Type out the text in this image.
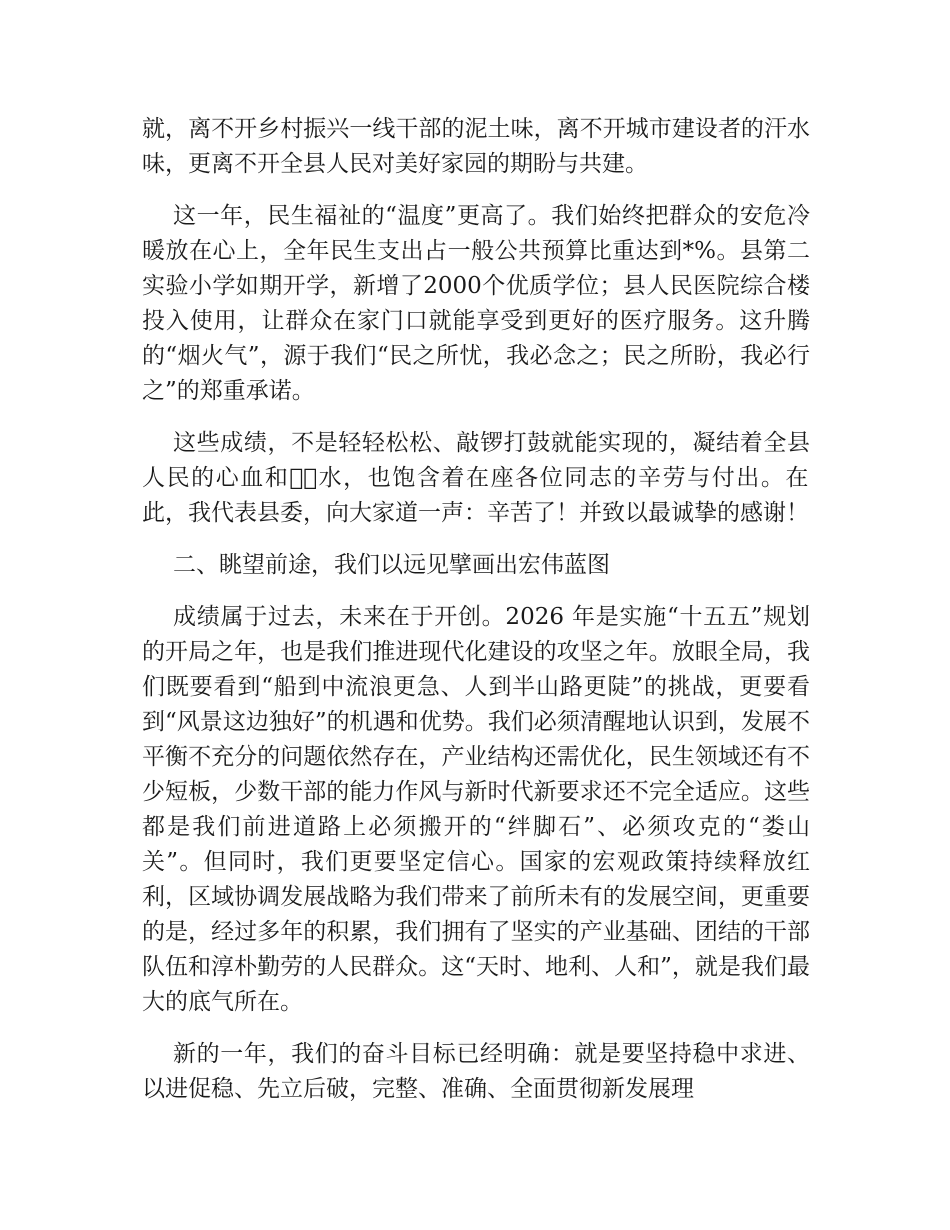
就，离不开乡村振兴一线干部的泥土味，离不开城市建设者的汗水味，更离不开全县人民对美好家园的期盼与共建。

这一年，民生福祉的“温度”更高了。我们始终把群众的安危冷暖放在心上，全年民生支出占一般公共预算比重达到*%。县第二实验小学如期开学，新增了2000个优质学位；县人民医院综合楼投入使用，让群众在家门口就能享受到更好的医疗服务。这升腾的“烟火气”，源于我们“民之所忧，我必念之；民之所盼，我必行之”的郑重承诺。

这些成绩，不是轻轻松松、敲锣打鼓就能实现的，凝结着全县人民的心血和汗ِ水，也饱含着在座各位同志的辛劳与付出。在此，我代表县委，向大家道一声：辛苦了！并致以最诚挚的感谢！

二、眺望前途，我们以远见擘画出宏伟蓝图

成绩属于过去，未来在于开创。2026 年是实施“十五五”规划的开局之年，也是我们推进现代化建设的攻坚之年。放眼全局，我们既要看到“船到中流浪更急、人到半山路更陡”的挑战，更要看到“风景这边独好”的机遇和优势。我们必须清醒地认识到，发展不平衡不充分的问题依然存在，产业结构还需优化，民生领域还有不少短板，少数干部的能力作风与新时代新要求还不完全适应。这些都是我们前进道路上必须搬开的“绊脚石”、必须攻克的“娄山关”。但同时，我们更要坚定信心。国家的宏观政策持续释放红利，区域协调发展战略为我们带来了前所未有的发展空间，更重要的是，经过多年的积累，我们拥有了坚实的产业基础、团结的干部队伍和淳朴勤劳的人民群众。这“天时、地利、人和”，就是我们最大的底气所在。

新的一年，我们的奋斗目标已经明确：就是要坚持稳中求进、以进促稳、先立后破，完整、准确、全面贯彻新发展理
